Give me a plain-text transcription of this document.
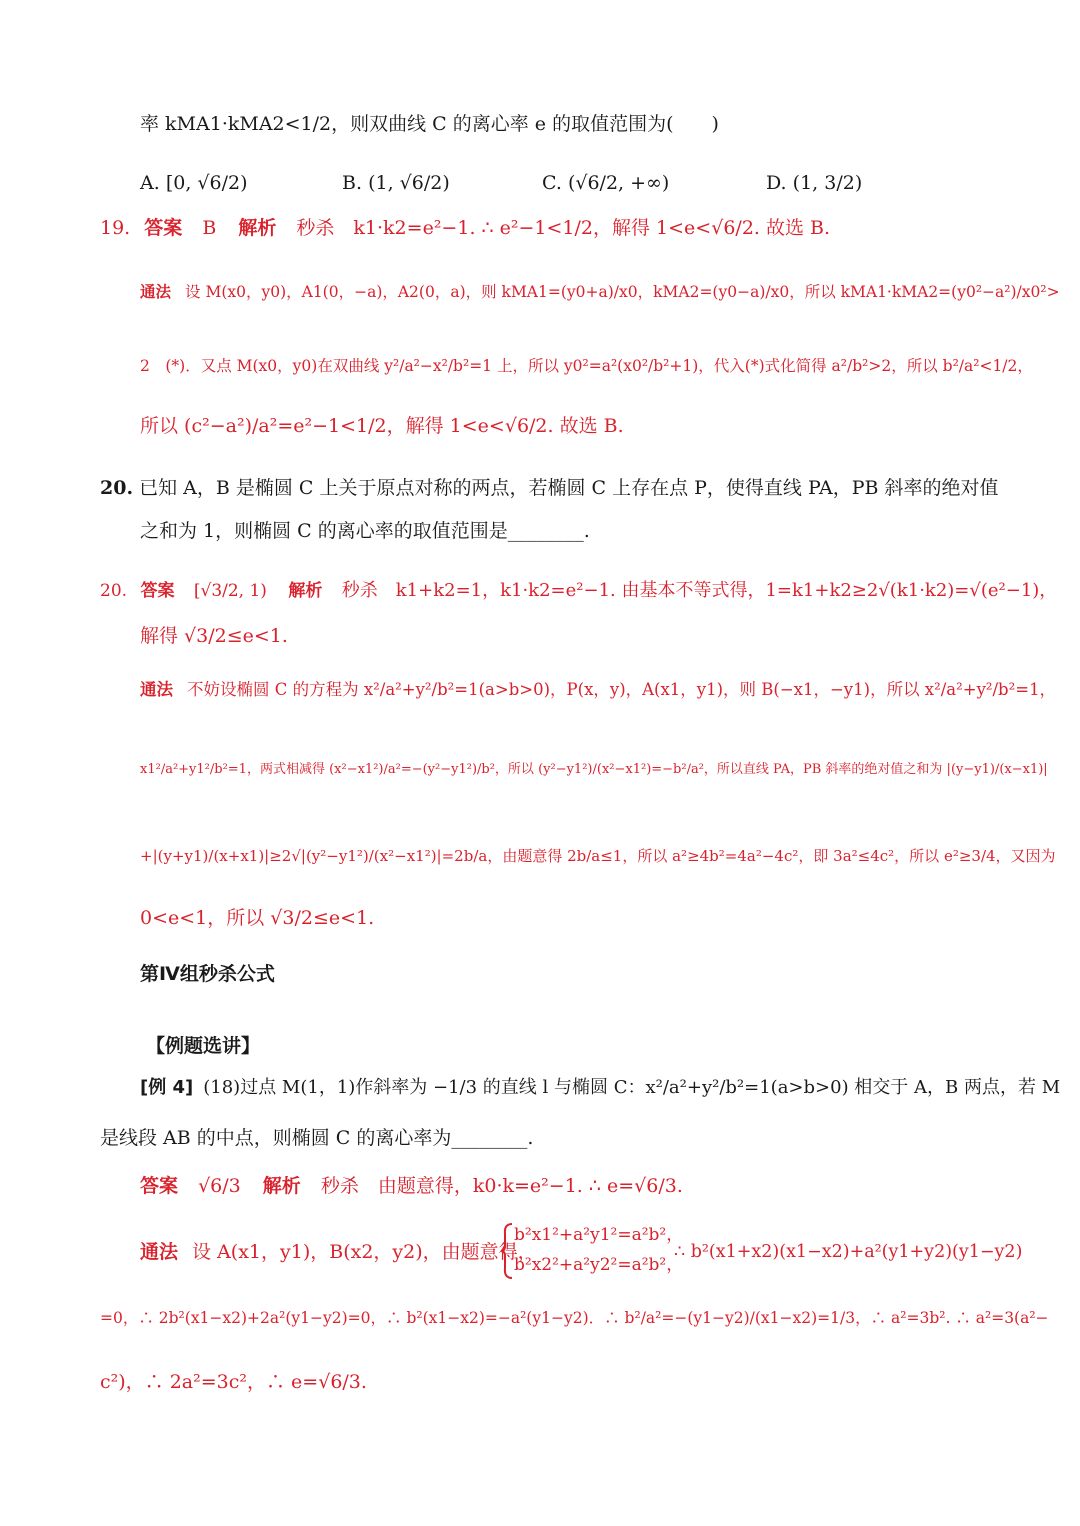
率 kMA1·kMA2<1/2，则双曲线 C 的离心率 e 的取值范围为(　　)
A. [0, √6/2)	B. (1, √6/2)	C. (√6/2, +∞)	D. (1, 3/2)
19. 答案 B 解析 秒杀　k1·k2=e²−1. ∴ e²−1<1/2，解得 1<e<√6/2. 故选 B.
通法 设 M(x0，y0)，A1(0，−a)，A2(0，a)，则 kMA1=(y0+a)/x0，kMA2=(y0−a)/x0，所以 kMA1·kMA2=(y0²−a²)/x0²>
2　(*)．又点 M(x0，y0)在双曲线 y²/a²−x²/b²=1 上，所以 y0²=a²(x0²/b²+1)，代入(*)式化简得 a²/b²>2，所以 b²/a²<1/2，
所以 (c²−a²)/a²=e²−1<1/2，解得 1<e<√6/2. 故选 B.
20. 已知 A，B 是椭圆 C 上关于原点对称的两点，若椭圆 C 上存在点 P，使得直线 PA，PB 斜率的绝对值
之和为 1，则椭圆 C 的离心率的取值范围是________.
20. 答案 [√3/2, 1) 解析 秒杀　k1+k2=1，k1·k2=e²−1. 由基本不等式得，1=k1+k2≥2√(k1·k2)=√(e²−1)，
解得 √3/2≤e<1.
通法 不妨设椭圆 C 的方程为 x²/a²+y²/b²=1(a>b>0)，P(x，y)，A(x1，y1)，则 B(−x1，−y1)，所以 x²/a²+y²/b²=1，
x1²/a²+y1²/b²=1，两式相减得 (x²−x1²)/a²=−(y²−y1²)/b²，所以 (y²−y1²)/(x²−x1²)=−b²/a²，所以直线 PA，PB 斜率的绝对值之和为 |(y−y1)/(x−x1)|
+|(y+y1)/(x+x1)|≥2√|(y²−y1²)/(x²−x1²)|=2b/a，由题意得 2b/a≤1，所以 a²≥4b²=4a²−4c²，即 3a²≤4c²，所以 e²≥3/4，又因为
0<e<1，所以 √3/2≤e<1.
第Ⅳ组秒杀公式
【例题选讲】
[例 4] (18)过点 M(1，1)作斜率为 −1/3 的直线 l 与椭圆 C：x²/a²+y²/b²=1(a>b>0) 相交于 A，B 两点，若 M
是线段 AB 的中点，则椭圆 C 的离心率为________.
答案 √6/3 解析 秒杀　由题意得，k0·k=e²−1. ∴ e=√6/3.
通法 设 A(x1，y1)，B(x2，y2)，由题意得，
b²x1²+a²y1²=a²b²，
b²x2²+a²y2²=a²b²，
∴ b²(x1+x2)(x1−x2)+a²(y1+y2)(y1−y2)
=0，∴ 2b²(x1−x2)+2a²(y1−y2)=0，∴ b²(x1−x2)=−a²(y1−y2)．∴ b²/a²=−(y1−y2)/(x1−x2)=1/3，∴ a²=3b². ∴ a²=3(a²−
c²)，∴ 2a²=3c²，∴ e=√6/3.
